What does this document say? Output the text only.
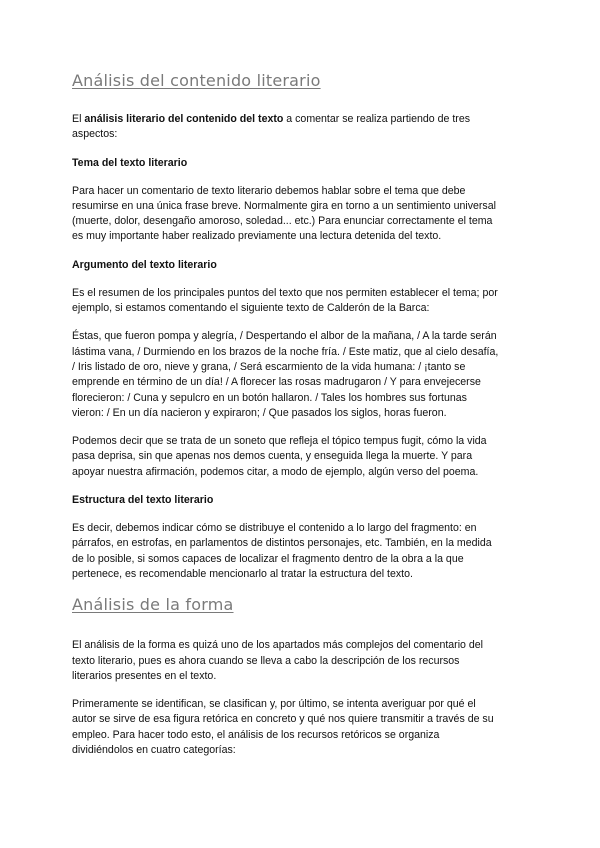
Análisis del contenido literario

El análisis literario del contenido del texto a comentar se realiza partiendo de tres aspectos:

Tema del texto literario

Para hacer un comentario de texto literario debemos hablar sobre el tema que debe resumirse en una única frase breve. Normalmente gira en torno a un sentimiento universal (muerte, dolor, desengaño amoroso, soledad... etc.) Para enunciar correctamente el tema es muy importante haber realizado previamente una lectura detenida del texto.

Argumento del texto literario

Es el resumen de los principales puntos del texto que nos permiten establecer el tema; por ejemplo, si estamos comentando el siguiente texto de Calderón de la Barca:

Éstas, que fueron pompa y alegría, / Despertando el albor de la mañana, / A la tarde serán lástima vana, / Durmiendo en los brazos de la noche fría. / Este matiz, que al cielo desafía, / Iris listado de oro, nieve y grana, / Será escarmiento de la vida humana: / ¡tanto se emprende en término de un día! / A florecer las rosas madrugaron / Y para envejecerse florecieron: / Cuna y sepulcro en un botón hallaron. / Tales los hombres sus fortunas vieron: / En un día nacieron y expiraron; / Que pasados los siglos, horas fueron.

Podemos decir que se trata de un soneto que refleja el tópico tempus fugit, cómo la vida pasa deprisa, sin que apenas nos demos cuenta, y enseguida llega la muerte. Y para apoyar nuestra afirmación, podemos citar, a modo de ejemplo, algún verso del poema.

Estructura del texto literario

Es decir, debemos indicar cómo se distribuye el contenido a lo largo del fragmento: en párrafos, en estrofas, en parlamentos de distintos personajes, etc. También, en la medida de lo posible, si somos capaces de localizar el fragmento dentro de la obra a la que pertenece, es recomendable mencionarlo al tratar la estructura del texto.

Análisis de la forma

El análisis de la forma es quizá uno de los apartados más complejos del comentario del texto literario, pues es ahora cuando se lleva a cabo la descripción de los recursos literarios presentes en el texto.

Primeramente se identifican, se clasifican y, por último, se intenta averiguar por qué el autor se sirve de esa figura retórica en concreto y qué nos quiere transmitir a través de su empleo. Para hacer todo esto, el análisis de los recursos retóricos se organiza dividiéndolos en cuatro categorías:
